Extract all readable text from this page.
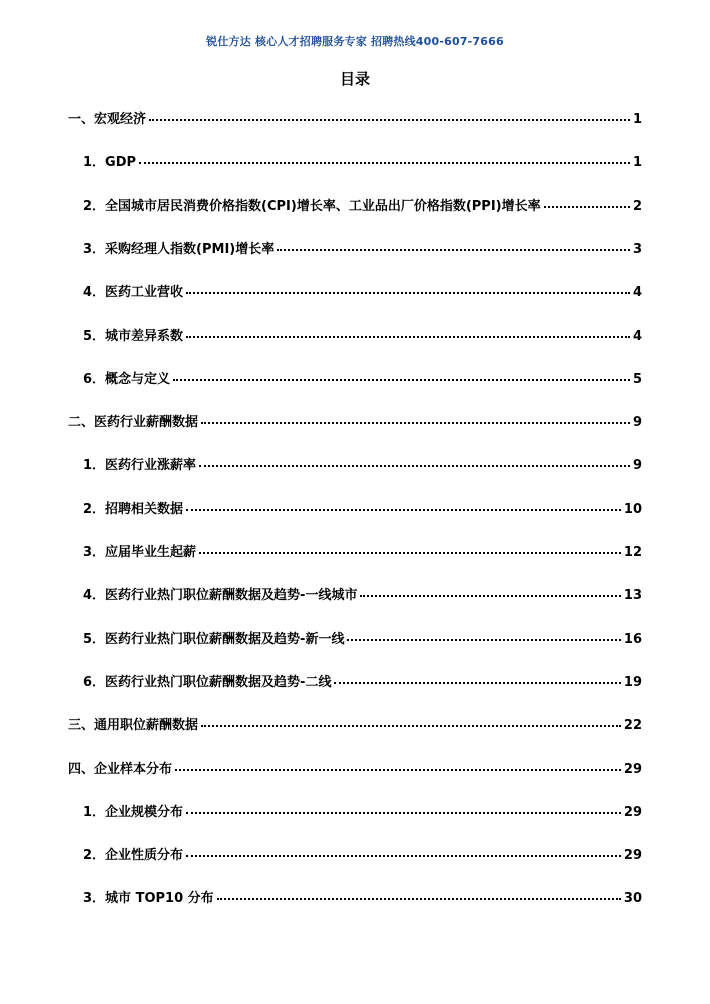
锐仕方达 核心人才招聘服务专家 招聘热线400-607-7666
目录
一、宏观经济	1
1．GDP	1
2．全国城市居民消费价格指数(CPI)增长率、工业品出厂价格指数(PPI)增长率	2
3．采购经理人指数(PMI)增长率	3
4．医药工业营收	4
5．城市差异系数	4
6．概念与定义	5
二、医药行业薪酬数据	9
1．医药行业涨薪率	9
2．招聘相关数据	10
3．应届毕业生起薪	12
4．医药行业热门职位薪酬数据及趋势-一线城市	13
5．医药行业热门职位薪酬数据及趋势-新一线	16
6．医药行业热门职位薪酬数据及趋势-二线	19
三、通用职位薪酬数据	22
四、企业样本分布	29
1．企业规模分布	29
2．企业性质分布	29
3．城市 TOP10 分布	30
